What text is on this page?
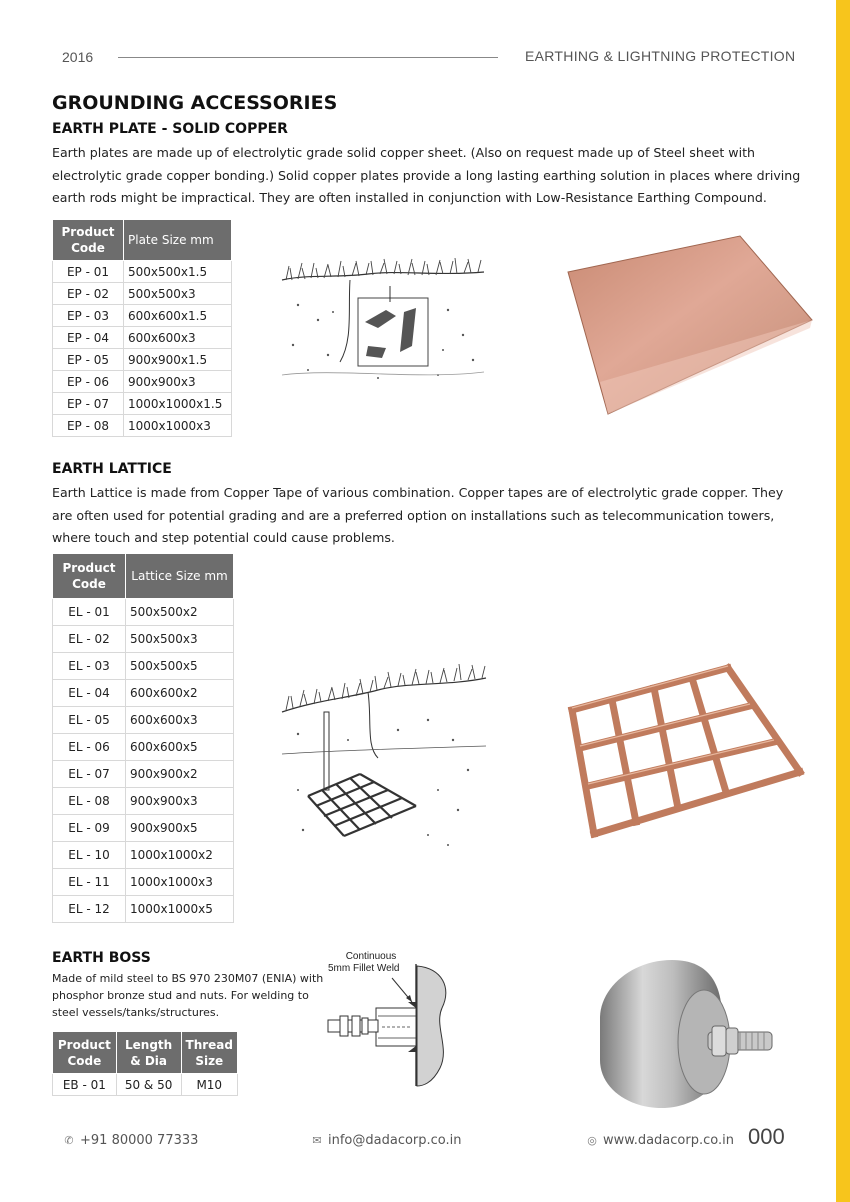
2016	EARTHING & LIGHTNING PROTECTION
GROUNDING ACCESSORIES
EARTH PLATE - SOLID COPPER
Earth plates are made up of electrolytic grade solid copper sheet. (Also on request made up of Steel sheet with electrolytic grade copper bonding.) Solid copper plates provide a long lasting earthing solution in places where driving earth rods might be impractical. They are often installed in conjunction with Low-Resistance Earthing Compound.
Product Code	Plate Size mm
EP - 01	500x500x1.5
EP - 02	500x500x3
EP - 03	600x600x1.5
EP - 04	600x600x3
EP - 05	900x900x1.5
EP - 06	900x900x3
EP - 07	1000x1000x1.5
EP - 08	1000x1000x3
EARTH LATTICE
Earth Lattice is made from Copper Tape of various combination. Copper tapes are of electrolytic grade copper. They are often used for potential grading and are a preferred option on installations such as telecommunication towers, where touch and step potential could cause problems.
Product Code	Lattice Size mm
EL - 01	500x500x2
EL - 02	500x500x3
EL - 03	500x500x5
EL - 04	600x600x2
EL - 05	600x600x3
EL - 06	600x600x5
EL - 07	900x900x2
EL - 08	900x900x3
EL - 09	900x900x5
EL - 10	1000x1000x2
EL - 11	1000x1000x3
EL - 12	1000x1000x5
EARTH BOSS
Made of mild steel to BS 970 230M07 (ENIA) with phosphor bronze stud and nuts. For welding to steel vessels/tanks/structures.
Product Code	Length & Dia	Thread Size
EB - 01	50 & 50	M10
Continuous
5mm Fillet Weld
✆ +91 80000 77333	✉ info@dadacorp.co.in	◎ www.dadacorp.co.in 000
